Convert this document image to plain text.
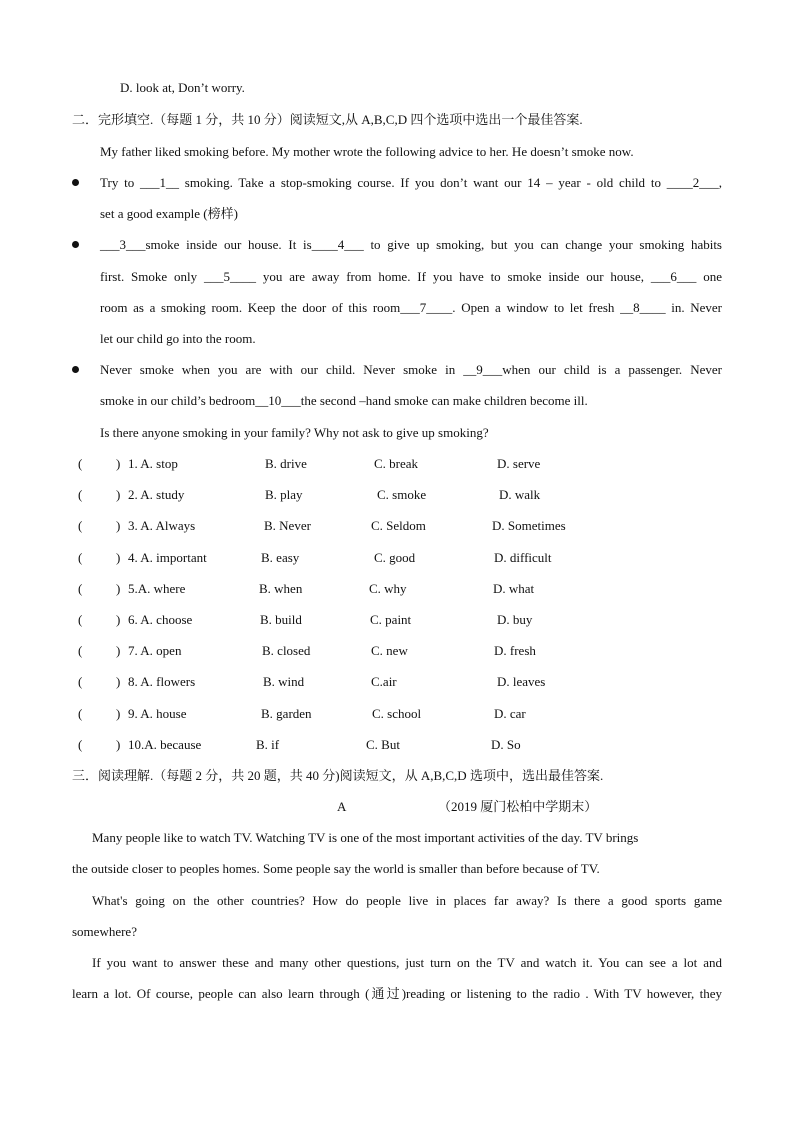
D. look at, Don’t worry.
二．完形填空.（每题 1 分，共 10 分）阅读短文,从 A,B,C,D 四个选项中选出一个最佳答案.
My father liked smoking before. My mother wrote the following advice to her. He doesn’t smoke now.
Try to ___1__ smoking. Take a stop-smoking course. If you don’t want our 14 – year - old child to ____2___,
set a good example (榜样)
___3___smoke inside our house. It is____4___ to give up smoking, but you can change your smoking habits
first. Smoke only ___5____ you are away from home. If you have to smoke inside our house, ___6___ one
room as a smoking room. Keep the door of this room___7____. Open a window to let fresh __8____ in. Never
let our child go into the room.
Never smoke when you are with our child. Never smoke in __9___when our child is a passenger. Never
smoke in our child’s bedroom__10___the second –hand smoke can make children become ill.
Is there anyone smoking in your family? Why not ask to give up smoking?
(	) 1. A. stop	B. drive	C. break	D. serve
(	) 2. A. study	B. play	C. smoke	D. walk
(	) 3. A. Always	B. Never	C. Seldom	D. Sometimes
(	) 4. A. important	B. easy	C. good	D. difficult
(	) 5.A. where	B. when	C. why	D. what
(	) 6. A. choose	B. build	C. paint	D. buy
(	) 7. A. open	B. closed	C. new	D. fresh
(	) 8. A. flowers	B. wind	C.air	D. leaves
(	) 9. A. house	B. garden	C. school	D. car
(	) 10.A. because	B. if	C. But	D. So
三．阅读理解.（每题 2 分，共 20 题，共 40 分)阅读短文，从 A,B,C,D 选项中，选出最佳答案.
A	（2019 厦门松柏中学期末）
Many people like to watch TV. Watching TV is one of the most important activities of the day. TV brings
the outside closer to peoples homes. Some people say the world is smaller than before because of TV.
What's going on the other countries? How do people live in places far away? Is there a good sports game
somewhere?
If you want to answer these and many other questions, just turn on the TV and watch it. You can see a lot and
learn a lot. Of course, people can also learn through (通过)reading or listening to the radio . With TV however, they
